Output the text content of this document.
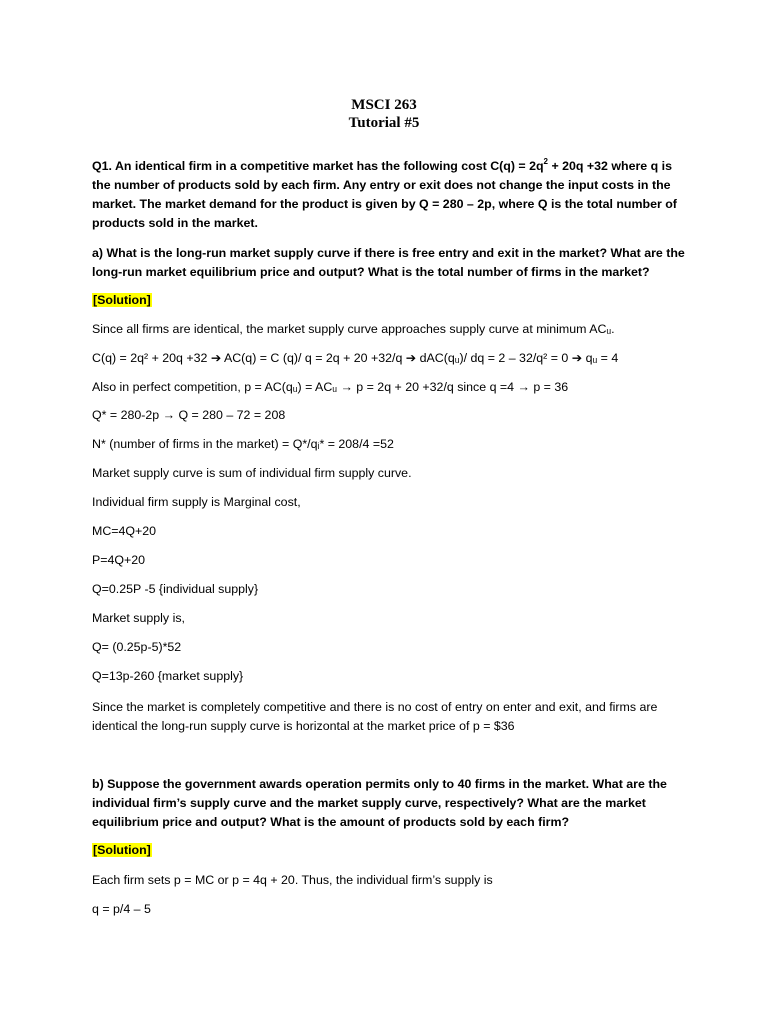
MSCI 263
Tutorial #5
Q1. An identical firm in a competitive market has the following cost $C(q) = 2q^2 + 20q +32$ where q is
the number of products sold by each firm. Any entry or exit does not change the input costs in the
market. The market demand for the product is given by Q = 280 – 2p, where Q is the total number of
products sold in the market.
a) What is the long-run market supply curve if there is free entry and exit in the market? What are the
long-run market equilibrium price and output? What is the total number of firms in the market?
[Solution]
Since all firms are identical, the market supply curve approaches supply curve at minimum ACᵤ.
C(q) = 2q² + 20q +32 ➔ AC(q) = C (q)/ q = 2q + 20 +32/q ➔ dAC(qᵤ)/ dq = 2 – 32/q² = 0 ➔ qᵤ = 4
Also in perfect competition, p = AC(qᵤ) = ACᵤ → p = 2q + 20 +32/q since q =4 → p = 36
Q* = 280-2p → Q = 280 – 72 = 208
N* (number of firms in the market) = Q*/qᵢ* = 208/4 =52
Market supply curve is sum of individual firm supply curve.
Individual firm supply is Marginal cost,
MC=4Q+20
P=4Q+20
Q=0.25P -5 {individual supply}
Market supply is,
Q= (0.25p-5)*52
Q=13p-260 {market supply}
Since the market is completely competitive and there is no cost of entry on enter and exit, and firms are
identical the long-run supply curve is horizontal at the market price of p = $36
b) Suppose the government awards operation permits only to 40 firms in the market. What are the
individual firm’s supply curve and the market supply curve, respectively? What are the market
equilibrium price and output? What is the amount of products sold by each firm?
[Solution]
Each firm sets p = MC or p = 4q + 20. Thus, the individual firm’s supply is
q = p/4 – 5
